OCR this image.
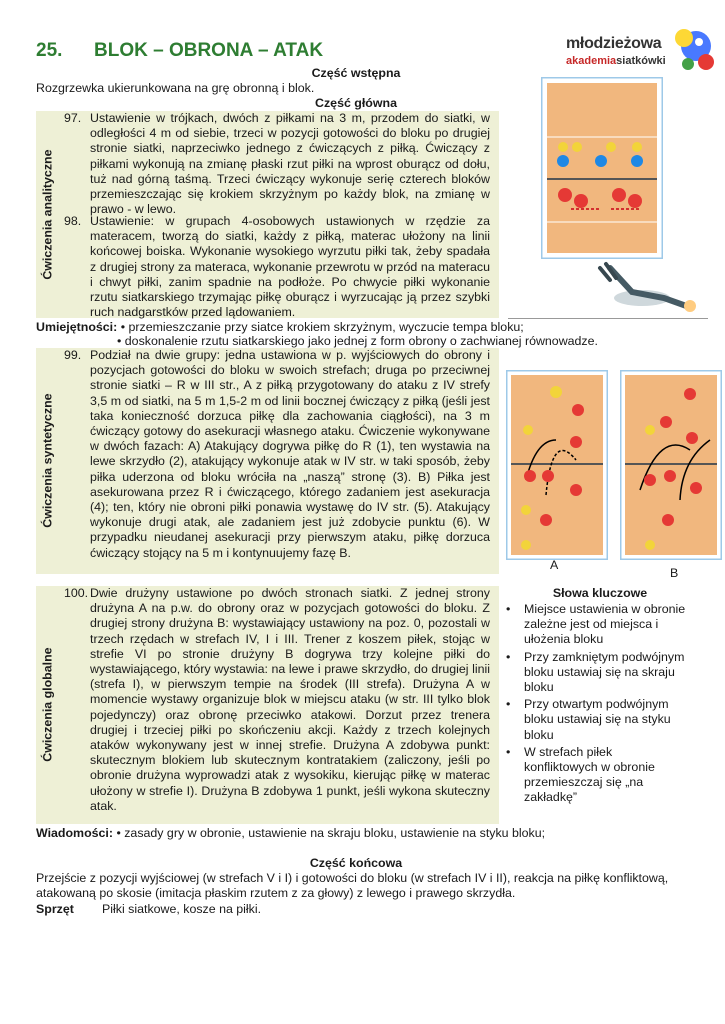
25. BLOK – OBRONA – ATAK	młodzieżowa
akademiasiatkówki
Część wstępna
Rozgrzewka ukierunkowana na grę obronną i blok.
Część główna
Ćwiczenia analityczne
97. Ustawienie w trójkach, dwóch z piłkami na 3 m, przodem do siatki, w odległości 4 m od siebie, trzeci w pozycji gotowości do bloku po drugiej stronie siatki, naprzeciwko jednego z ćwiczących z piłką. Ćwiczący z piłkami wykonują na zmianę płaski rzut piłki na wprost oburącz od dołu, tuż nad górną taśmą. Trzeci ćwiczący wykonuje serię czterech bloków przemieszczając się krokiem skrzyżnym po każdy blok, na zmianę w prawo - w lewo.

98. Ustawienie: w grupach 4-osobowych ustawionych w rzędzie za materacem, tworzą do siatki, każdy z piłką, materac ułożony na linii końcowej boiska. Wykonanie wysokiego wyrzutu piłki tak, żeby spadała z drugiej strony za materaca, wykonanie przewrotu w przód na materacu i chwyt piłki, zanim spadnie na podłoże. Po chwycie piłki wykonanie rzutu siatkarskiego trzymając piłkę oburącz i wyrzucając ją przez szybki ruch nadgarstków przed lądowaniem.

Umiejętności: • przemieszczanie przy siatce krokiem skrzyżnym, wyczucie tempa bloku;
• doskonalenie rzutu siatkarskiego jako jednej z form obrony o zachwianej równowadze.
Ćwiczenia syntetyczne
99. Podział na dwie grupy: jedna ustawiona w p. wyjściowych do obrony i pozycjach gotowości do bloku w swoich strefach; druga po przeciwnej stronie siatki – R w III str., A z piłką przygotowany do ataku z IV strefy 3,5 m od siatki, na 5 m 1,5-2 m od linii bocznej ćwiczący z piłką (jeśli jest taka konieczność dorzuca piłkę dla zachowania ciągłości), na 3 m ćwiczący gotowy do asekuracji własnego ataku. Ćwiczenie wykonywane w dwóch fazach: A) Atakujący dogrywa piłkę do R (1), ten wystawia na lewe skrzydło (2), atakujący wykonuje atak w IV str. w taki sposób, żeby piłka uderzona od bloku wróciła na „naszą” stronę (3). B) Piłka jest asekurowana przez R i ćwiczącego, którego zadaniem jest asekuracja (4); ten, który nie obroni piłki ponawia wystawę do IV str. (5). Atakujący wykonuje drugi atak, ale zadaniem jest już zdobycie punktu (6). W przypadku nieudanej asekuracji przy pierwszym ataku, piłkę dorzuca ćwiczący stojący na 5 m i kontynuujemy fazę B.

A
B
Ćwiczenia globalne
100. Dwie drużyny ustawione po dwóch stronach siatki. Z jednej strony drużyna A na p.w. do obrony oraz w pozycjach gotowości do bloku. Z drugiej strony drużyna B: wystawiający ustawiony na poz. 0, pozostali w trzech rzędach w strefach IV, I i III. Trener z koszem piłek, stojąc w strefie VI po stronie drużyny B dogrywa trzy kolejne piłki do wystawiającego, który wystawia: na lewe i prawe skrzydło, do drugiej linii (strefa I), w pierwszym tempie na środek (III strefa). Drużyna A w momencie wystawy organizuje blok w miejscu ataku (w str. III tylko blok pojedynczy) oraz obronę przeciwko atakowi. Dorzut przez trenera drugiej i trzeciej piłki po skończeniu akcji. Każdy z trzech kolejnych ataków wykonywany jest w innej strefie. Drużyna A zdobywa punkt: skutecznym blokiem lub skutecznym kontratakiem (zaliczony, jeśli po obronie drużyna wyprowadzi atak z wysokiku, kierując piłkę w materac ułożony w strefie I). Drużyna B zdobywa 1 punkt, jeśli wykona skuteczny atak.

Słowa kluczowe
• Miejsce ustawienia w obronie zależne jest od miejsca i ułożenia bloku
• Przy zamkniętym podwójnym bloku ustawiaj się na skraju bloku
• Przy otwartym podwójnym bloku ustawiaj się na styku bloku
• W strefach piłek konfliktowych w obronie przemieszczaj się „na zakładkę”
Wiadomości: • zasady gry w obronie, ustawienie na skraju bloku, ustawienie na styku bloku;
Część końcowa
Przejście z pozycji wyjściowej (w strefach V i I) i gotowości do bloku (w strefach IV i II), reakcja na piłkę konfliktową, atakowaną po skosie (imitacja płaskim rzutem z za głowy) z lewego i prawego skrzydła.
Sprzęt Piłki siatkowe, kosze na piłki.
